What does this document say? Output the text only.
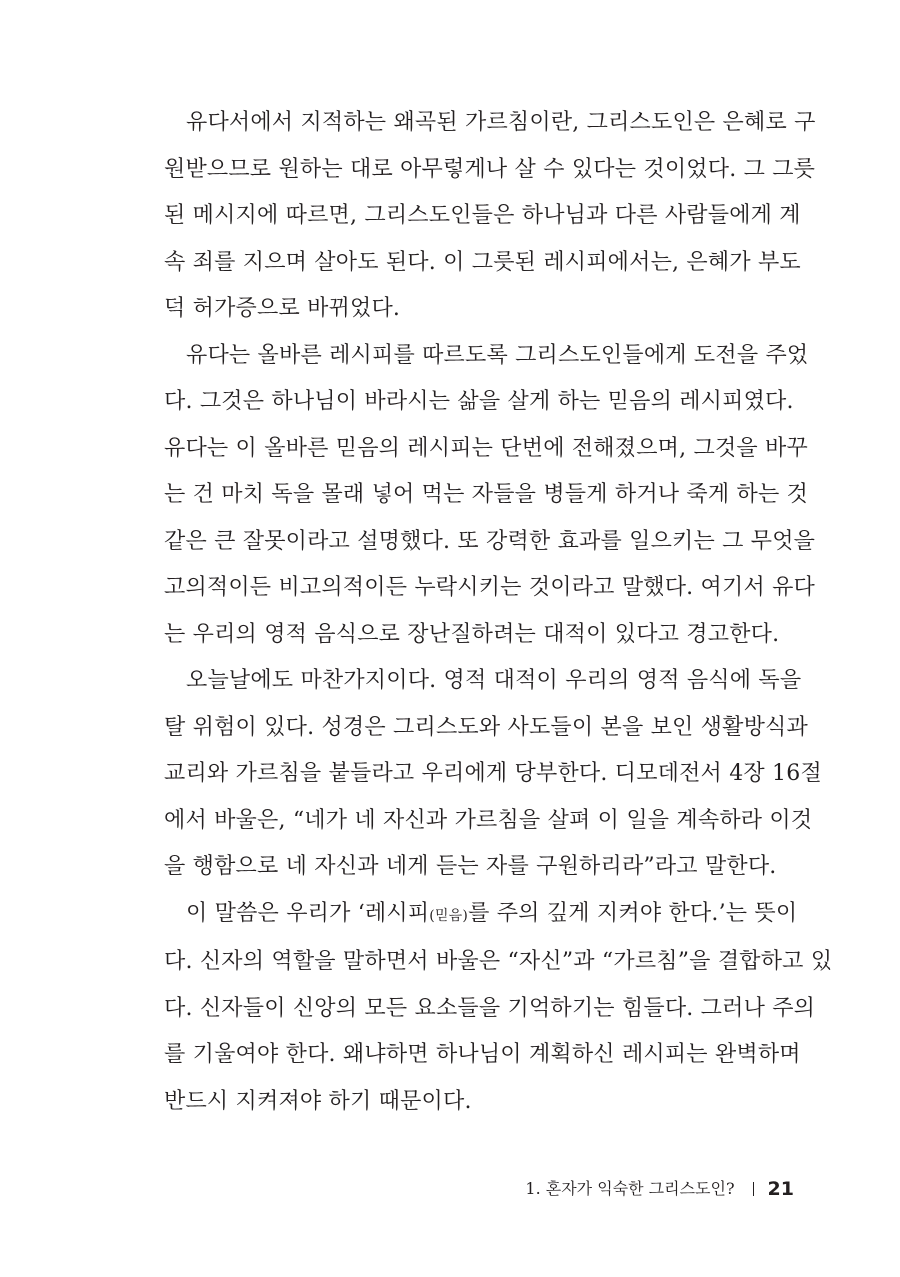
유다서에서 지적하는 왜곡된 가르침이란, 그리스도인은 은혜로 구
원받으므로 원하는 대로 아무렇게나 살 수 있다는 것이었다. 그 그릇
된 메시지에 따르면, 그리스도인들은 하나님과 다른 사람들에게 계
속 죄를 지으며 살아도 된다. 이 그릇된 레시피에서는, 은혜가 부도
덕 허가증으로 바뀌었다.

유다는 올바른 레시피를 따르도록 그리스도인들에게 도전을 주었
다. 그것은 하나님이 바라시는 삶을 살게 하는 믿음의 레시피였다.
유다는 이 올바른 믿음의 레시피는 단번에 전해졌으며, 그것을 바꾸
는 건 마치 독을 몰래 넣어 먹는 자들을 병들게 하거나 죽게 하는 것
같은 큰 잘못이라고 설명했다. 또 강력한 효과를 일으키는 그 무엇을
고의적이든 비고의적이든 누락시키는 것이라고 말했다. 여기서 유다
는 우리의 영적 음식으로 장난질하려는 대적이 있다고 경고한다.

오늘날에도 마찬가지이다. 영적 대적이 우리의 영적 음식에 독을
탈 위험이 있다. 성경은 그리스도와 사도들이 본을 보인 생활방식과
교리와 가르침을 붙들라고 우리에게 당부한다. 디모데전서 4장 16절
에서 바울은, “네가 네 자신과 가르침을 살펴 이 일을 계속하라 이것
을 행함으로 네 자신과 네게 듣는 자를 구원하리라”라고 말한다.

이 말씀은 우리가 ‘레시피(믿음)를 주의 깊게 지켜야 한다.’는 뜻이
다. 신자의 역할을 말하면서 바울은 “자신”과 “가르침”을 결합하고 있
다. 신자들이 신앙의 모든 요소들을 기억하기는 힘들다. 그러나 주의
를 기울여야 한다. 왜냐하면 하나님이 계획하신 레시피는 완벽하며
반드시 지켜져야 하기 때문이다.

1. 혼자가 익숙한 그리스도인? 21
